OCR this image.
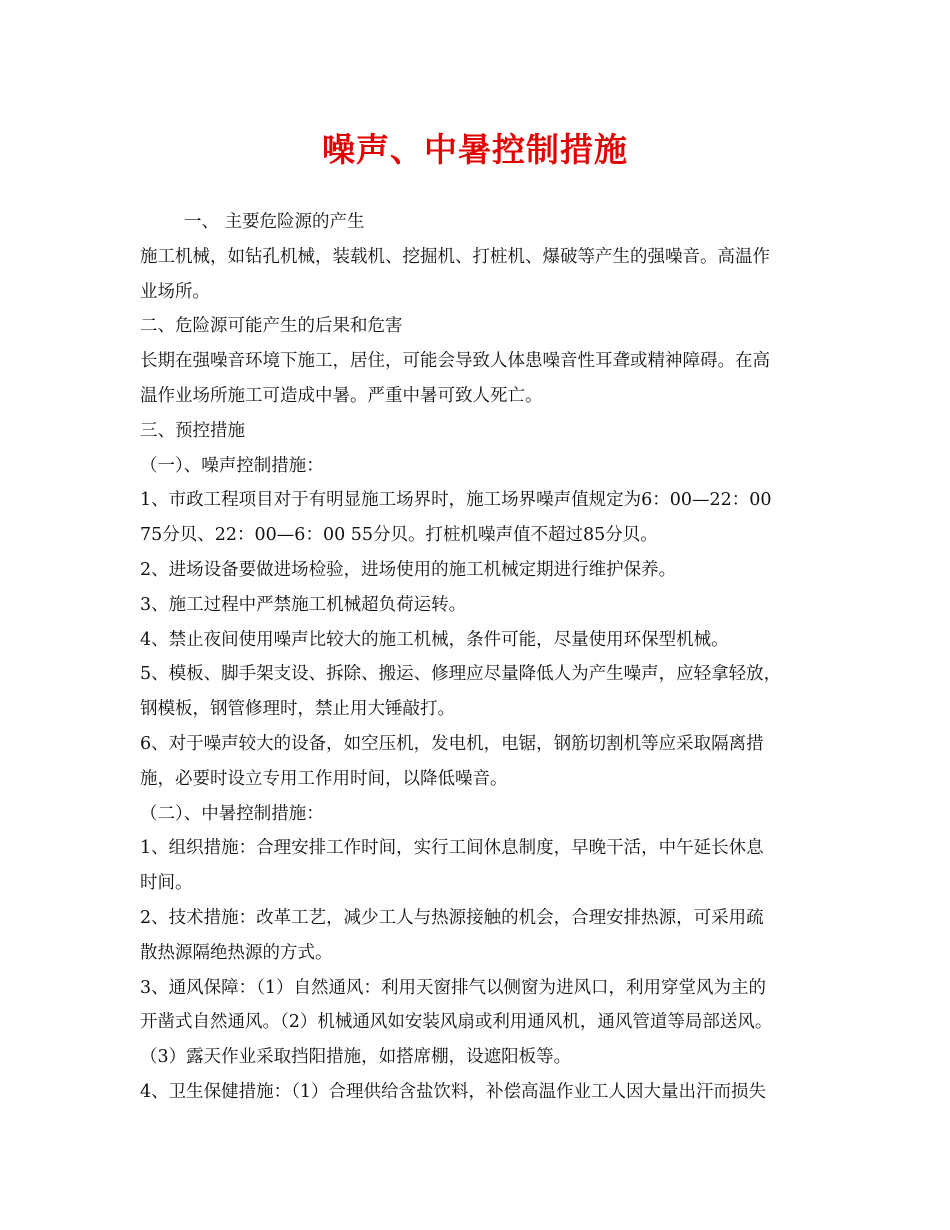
噪声、中暑控制措施
一、 主要危险源的产生
施工机械，如钻孔机械，装载机、挖掘机、打桩机、爆破等产生的强噪音。高温作
业场所。
二、危险源可能产生的后果和危害
长期在强噪音环境下施工，居住，可能会导致人体患噪音性耳聋或精神障碍。在高
温作业场所施工可造成中暑。严重中暑可致人死亡。
三、预控措施
（一）、噪声控制措施：
1、市政工程项目对于有明显施工场界时，施工场界噪声值规定为6：00—22：00
75分贝、22：00—6：00 55分贝。打桩机噪声值不超过85分贝。
2、进场设备要做进场检验，进场使用的施工机械定期进行维护保养。
3、施工过程中严禁施工机械超负荷运转。
4、禁止夜间使用噪声比较大的施工机械，条件可能，尽量使用环保型机械。
5、模板、脚手架支设、拆除、搬运、修理应尽量降低人为产生噪声，应轻拿轻放，
钢模板，钢管修理时，禁止用大锤敲打。
6、对于噪声较大的设备，如空压机，发电机，电锯，钢筋切割机等应采取隔离措
施，必要时设立专用工作用时间，以降低噪音。
（二）、中暑控制措施：
1、组织措施：合理安排工作时间，实行工间休息制度，早晚干活，中午延长休息
时间。
2、技术措施：改革工艺，减少工人与热源接触的机会，合理安排热源，可采用疏
散热源隔绝热源的方式。
3、通风保障：（1）自然通风：利用天窗排气以侧窗为进风口，利用穿堂风为主的
开凿式自然通风。（2）机械通风如安装风扇或利用通风机，通风管道等局部送风。
（3）露天作业采取挡阳措施，如搭席棚，设遮阳板等。
4、卫生保健措施：（1）合理供给含盐饮料，补偿高温作业工人因大量出汗而损失
